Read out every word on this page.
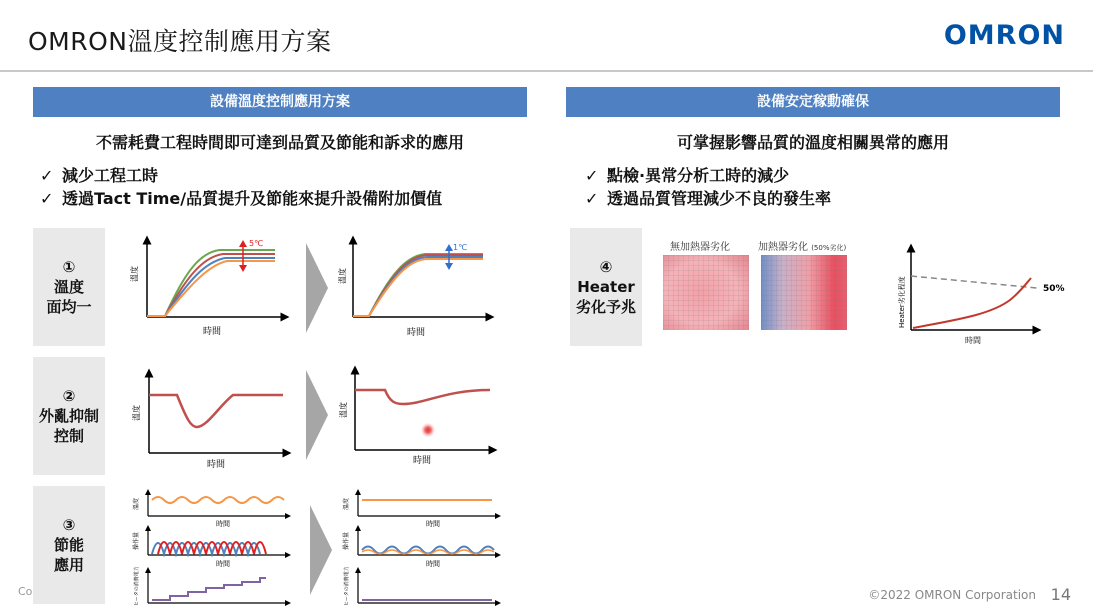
OMRON溫度控制應用方案	OMRON
設備溫度控制應用方案
不需耗費工程時間即可達到品質及節能和訴求的應用
✓ 減少工程工時
✓ 透過Tact Time/品質提升及節能來提升設備附加價值
①
溫度
面均一
②
外亂抑制
控制
③
節能
應用
5℃
溫度
時間
1℃
溫度
時間
溫度
時間
溫度
時間
溫度
時間
操作量
時間
ヒータの消費電力
溫度
時間
操作量
時間
ヒータの消費電力
設備安定稼動確保
可掌握影響品質的溫度相關異常的應用
✓ 點檢·異常分析工時的減少
✓ 透過品質管理減少不良的發生率
④
Heater
劣化予兆
無加熱器劣化	加熱器劣化 (50%劣化)
50%
Heater劣化程度
時間
Co	©2022 OMRON Corporation 14
